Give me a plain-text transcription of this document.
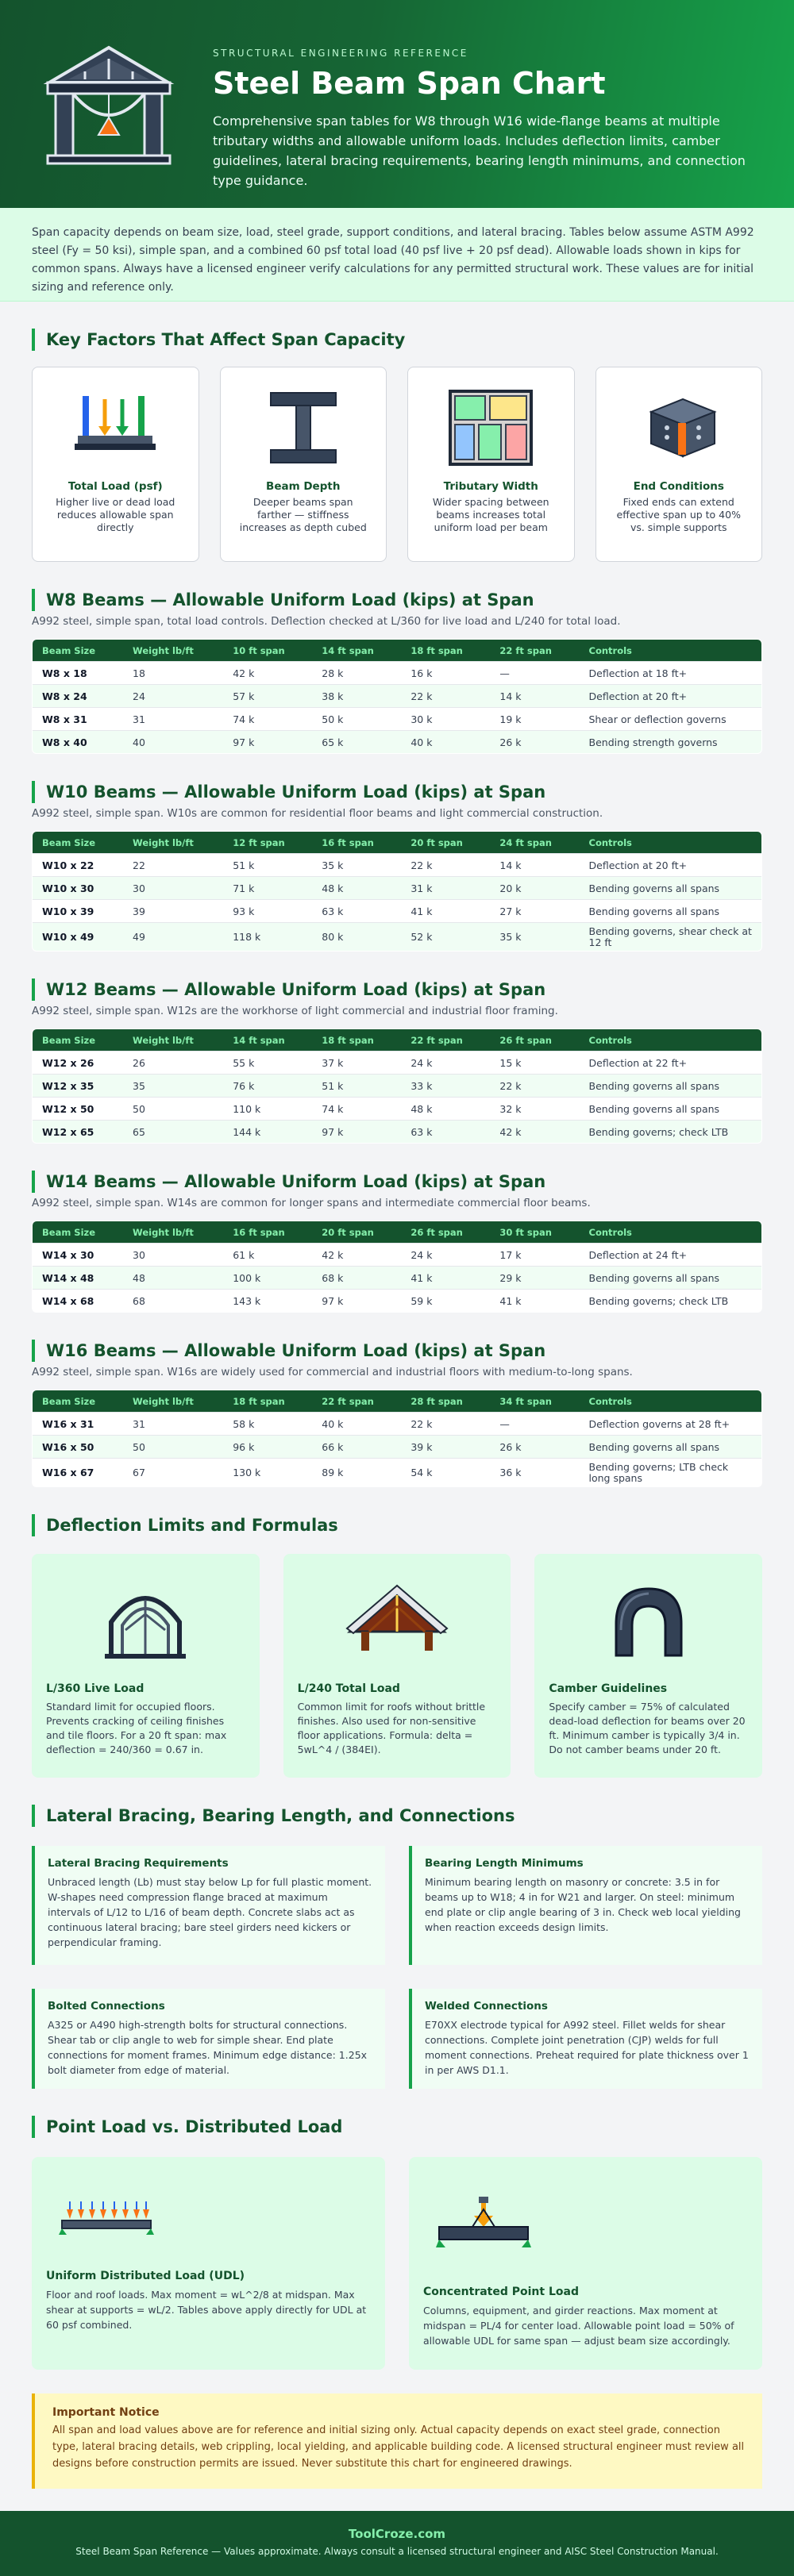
STRUCTURAL ENGINEERING REFERENCE
Steel Beam Span Chart

Comprehensive span tables for W8 through W16 wide-flange beams at multiple tributary widths and allowable uniform loads. Includes deflection limits, camber guidelines, lateral bracing requirements, bearing length minimums, and connection type guidance.

Span capacity depends on beam size, load, steel grade, support conditions, and lateral bracing. Tables below assume ASTM A992 steel (Fy = 50 ksi), simple span, and a combined 60 psf total load (40 psf live + 20 psf dead). Allowable loads shown in kips for common spans. Always have a licensed engineer verify calculations for any permitted structural work. These values are for initial sizing and reference only.

Key Factors That Affect Span Capacity
Total Load (psf)
Higher live or dead load reduces allowable span directly
Beam Depth
Deeper beams span farther — stiffness increases as depth cubed
Tributary Width
Wider spacing between beams increases total uniform load per beam
End Conditions
Fixed ends can extend effective span up to 40% vs. simple supports
W8 Beams — Allowable Uniform Load (kips) at Span

A992 steel, simple span, total load controls. Deflection checked at L/360 for live load and L/240 for total load.

Beam Size	Weight lb/ft	10 ft span	14 ft span	18 ft span	22 ft span	Controls
W8 x 18	18	42 k	28 k	16 k	—	Deflection at 18 ft+
W8 x 24	24	57 k	38 k	22 k	14 k	Deflection at 20 ft+
W8 x 31	31	74 k	50 k	30 k	19 k	Shear or deflection governs
W8 x 40	40	97 k	65 k	40 k	26 k	Bending strength governs
W10 Beams — Allowable Uniform Load (kips) at Span

A992 steel, simple span. W10s are common for residential floor beams and light commercial construction.

Beam Size	Weight lb/ft	12 ft span	16 ft span	20 ft span	24 ft span	Controls
W10 x 22	22	51 k	35 k	22 k	14 k	Deflection at 20 ft+
W10 x 30	30	71 k	48 k	31 k	20 k	Bending governs all spans
W10 x 39	39	93 k	63 k	41 k	27 k	Bending governs all spans
W10 x 49	49	118 k	80 k	52 k	35 k	Bending governs, shear check at 12 ft
W12 Beams — Allowable Uniform Load (kips) at Span

A992 steel, simple span. W12s are the workhorse of light commercial and industrial floor framing.

Beam Size	Weight lb/ft	14 ft span	18 ft span	22 ft span	26 ft span	Controls
W12 x 26	26	55 k	37 k	24 k	15 k	Deflection at 22 ft+
W12 x 35	35	76 k	51 k	33 k	22 k	Bending governs all spans
W12 x 50	50	110 k	74 k	48 k	32 k	Bending governs all spans
W12 x 65	65	144 k	97 k	63 k	42 k	Bending governs; check LTB
W14 Beams — Allowable Uniform Load (kips) at Span

A992 steel, simple span. W14s are common for longer spans and intermediate commercial floor beams.

Beam Size	Weight lb/ft	16 ft span	20 ft span	26 ft span	30 ft span	Controls
W14 x 30	30	61 k	42 k	24 k	17 k	Deflection at 24 ft+
W14 x 48	48	100 k	68 k	41 k	29 k	Bending governs all spans
W14 x 68	68	143 k	97 k	59 k	41 k	Bending governs; check LTB
W16 Beams — Allowable Uniform Load (kips) at Span

A992 steel, simple span. W16s are widely used for commercial and industrial floors with medium-to-long spans.

Beam Size	Weight lb/ft	18 ft span	22 ft span	28 ft span	34 ft span	Controls
W16 x 31	31	58 k	40 k	22 k	—	Deflection governs at 28 ft+
W16 x 50	50	96 k	66 k	39 k	26 k	Bending governs all spans
W16 x 67	67	130 k	89 k	54 k	36 k	Bending governs; LTB check long spans
Deflection Limits and Formulas
L/360 Live Load
Standard limit for occupied floors. Prevents cracking of ceiling finishes and tile floors. For a 20 ft span: max deflection = 240/360 = 0.67 in.
L/240 Total Load
Common limit for roofs without brittle finishes. Also used for non-sensitive floor applications. Formula: delta = 5wL^4 / (384EI).
Camber Guidelines
Specify camber = 75% of calculated dead-load deflection for beams over 20 ft. Minimum camber is typically 3/4 in. Do not camber beams under 20 ft.
Lateral Bracing, Bearing Length, and Connections
Lateral Bracing Requirements
Unbraced length (Lb) must stay below Lp for full plastic moment. W-shapes need compression flange braced at maximum intervals of L/12 to L/16 of beam depth. Concrete slabs act as continuous lateral bracing; bare steel girders need kickers or perpendicular framing.
Bearing Length Minimums
Minimum bearing length on masonry or concrete: 3.5 in for beams up to W18; 4 in for W21 and larger. On steel: minimum end plate or clip angle bearing of 3 in. Check web local yielding when reaction exceeds design limits.
Bolted Connections
A325 or A490 high-strength bolts for structural connections. Shear tab or clip angle to web for simple shear. End plate connections for moment frames. Minimum edge distance: 1.25x bolt diameter from edge of material.
Welded Connections
E70XX electrode typical for A992 steel. Fillet welds for shear connections. Complete joint penetration (CJP) welds for full moment connections. Preheat required for plate thickness over 1 in per AWS D1.1.
Point Load vs. Distributed Load
Uniform Distributed Load (UDL)
Floor and roof loads. Max moment = wL^2/8 at midspan. Max shear at supports = wL/2. Tables above apply directly for UDL at 60 psf combined.
Concentrated Point Load
Columns, equipment, and girder reactions. Max moment at midspan = PL/4 for center load. Allowable point load = 50% of allowable UDL for same span — adjust beam size accordingly.
Important Notice
All span and load values above are for reference and initial sizing only. Actual capacity depends on exact steel grade, connection type, lateral bracing details, web crippling, local yielding, and applicable building code. A licensed structural engineer must review all designs before construction permits are issued. Never substitute this chart for engineered drawings.
ToolCroze.com
Steel Beam Span Reference — Values approximate. Always consult a licensed structural engineer and AISC Steel Construction Manual.
